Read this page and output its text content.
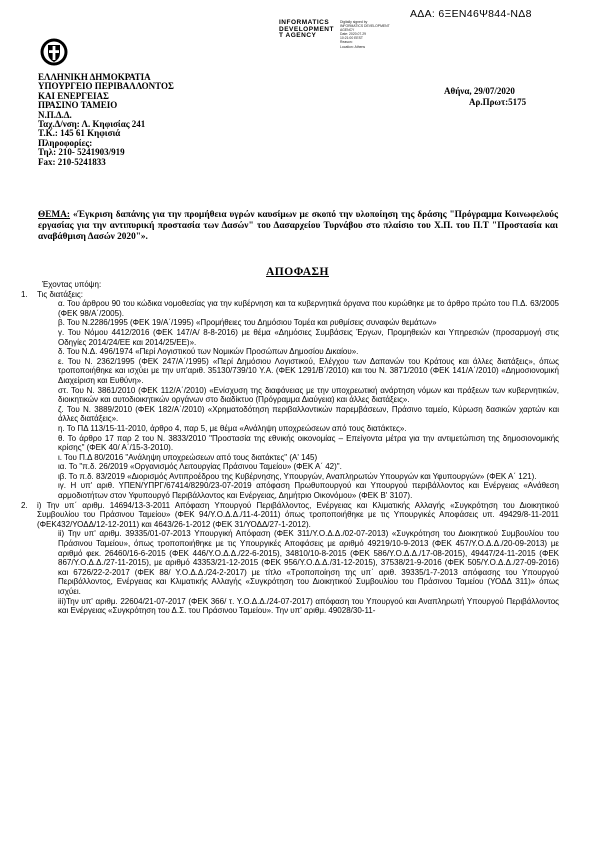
ΑΔΑ: 6ΞΕΝ46Ψ844-ΝΔ8
INFORMATICS
DEVELOPMENT
T AGENCY
Digitally signed by
INFORMATICS DEVELOPMENT
AGENCY
Date: 2020.07.29
10:21:00 EEST
Reason:
Location: Athens
ΕΛΛΗΝΙΚΗ ΔΗΜΟΚΡΑΤΙΑ
ΥΠΟΥΡΓΕΙΟ ΠΕΡΙΒΑΛΛΟΝΤΟΣ
ΚΑΙ ΕΝΕΡΓΕΙΑΣ
ΠΡΑΣΙΝΟ ΤΑΜΕΙΟ
Ν.Π.Δ.Δ.
Ταχ.Δ/νση: Λ. Κηφισίας 241
Τ.Κ.: 145 61 Κηφισιά
Πληροφορίες:
Τηλ: 210- 5241903/919
Fax: 210-5241833
Αθήνα, 29/07/2020
Αρ.Πρωτ:5175
ΘΕΜΑ: «Έγκριση δαπάνης για την προμήθεια υγρών καυσίμων με σκοπό την υλοποίηση της δράσης "Πρόγραμμα Κοινωφελούς εργασίας για την αντιπυρική προστασία των Δασών" του Δασαρχείου Τυρνάβου στο πλαίσιο του Χ.Π. του Π.Τ "Προστασία και αναβάθμιση Δασών 2020"».
ΑΠΟΦΑΣΗ

Έχοντας υπόψη:

1.	Τις διατάξεις:

α. Του άρθρου 90 του κώδικα νομοθεσίας για την κυβέρνηση και τα κυβερνητικά όργανα που κυρώθηκε με το άρθρο πρώτο του Π.Δ. 63/2005 (ΦΕΚ 98/Α΄/2005).

β. Του Ν.2286/1995 (ΦΕΚ 19/Α΄/1995) «Προμήθειες του Δημόσιου Τομέα και ρυθμίσεις συναφών θεμάτων»

γ. Του Νόμου 4412/2016 (ΦΕΚ 147/Α/ 8-8-2016) με θέμα «Δημόσιες Συμβάσεις Έργων, Προμηθειών και Υπηρεσιών (προσαρμογή στις Οδηγίες 2014/24/ΕΕ και 2014/25/ΕΕ)».

δ. Του Ν.Δ. 496/1974 «Περί Λογιστικού των Νομικών Προσώπων Δημοσίου Δικαίου».

ε. Του Ν. 2362/1995 (ΦΕΚ 247/Α΄/1995) «Περί Δημόσιου Λογιστικού, Ελέγχου των Δαπανών του Κράτους και άλλες διατάξεις», όπως τροποποιήθηκε και ισχύει με την υπ'αριθ. 35130/739/10 Υ.Α. (ΦΕΚ 1291/Β΄/2010) και του Ν. 3871/2010 (ΦΕΚ 141/Α΄/2010) «Δημοσιονομική Διαχείριση και Ευθύνη».

στ. Του Ν. 3861/2010 (ΦΕΚ 112/Α΄/2010) «Ενίσχυση της διαφάνειας με την υποχρεωτική ανάρτηση νόμων και πράξεων των κυβερνητικών, διοικητικών και αυτοδιοικητικών οργάνων στο διαδίκτυο (Πρόγραμμα Διαύγεια) και άλλες διατάξεις».

ζ. Του Ν. 3889/2010 (ΦΕΚ 182/Α΄/2010) «Χρηματοδότηση περιβαλλοντικών παρεμβάσεων, Πράσινο ταμείο, Κύρωση δασικών χαρτών και άλλες διατάξεις».

η. Το ΠΔ 113/15-11-2010, άρθρο 4, παρ 5, με θέμα «Ανάληψη υποχρεώσεων από τους διατάκτες».

θ. Το άρθρο 17 παρ 2 του Ν. 3833/2010 "Προστασία της εθνικής οικονομίας – Επείγοντα μέτρα για την αντιμετώπιση της δημοσιονομικής κρίσης" (ΦΕΚ 40/ Α΄/15-3-2010).

ι. Του Π.Δ 80/2016 "Ανάληψη υποχρεώσεων από τους διατάκτες" (Α' 145)

ια. Το "π.δ. 26/2019 «Οργανισμός Λειτουργίας Πράσινου Ταμείου» (ΦΕΚ Α΄ 42)".

ιβ. Το π.δ. 83/2019 «Διορισμός Αντιπροέδρου της Κυβέρνησης, Υπουργών, Αναπληρωτών Υπουργών και Υφυπουργών» (ΦΕΚ Α΄ 121).

ιγ. Η υπ' αριθ. ΥΠΕΝ/ΥΠΡΓ/67414/8290/23-07-2019 απόφαση Πρωθυπουργού και Υπουργού περιβάλλοντος και Ενέργειας «Ανάθεση αρμοδιοτήτων στον Υφυπουργό Περιβάλλοντος και Ενέργειας, Δημήτριο Οικονόμου» (ΦΕΚ Β' 3107).

2.	i) Την υπ΄ αριθμ. 14694/13-3-2011 Απόφαση Υπουργού Περιβάλλοντος, Ενέργειας και Κλιματικής Αλλαγής «Συγκρότηση του Διοικητικού Συμβουλίου του Πράσινου Ταμείου» (ΦΕΚ 94/Υ.Ο.Δ.Δ./11-4-2011) όπως τροποποιήθηκε με τις Υπουργικές Αποφάσεις υπ. 49429/8-11-2011 (ΦΕΚ432/ΥΟΔΔ/12-12-2011) και 4643/26-1-2012 (ΦΕΚ 31/ΥΟΔΔ/27-1-2012).

ii) Την υπ' αριθμ. 39335/01-07-2013 Υπουργική Απόφαση (ΦΕΚ 311/Υ.Ο.Δ.Δ./02-07-2013) «Συγκρότηση του Διοικητικού Συμβουλίου του Πράσινου Ταμείου», όπως τροποποιήθηκε με τις Υπουργικές Αποφάσεις με αριθμό 49219/10-9-2013 (ΦΕΚ 457/Υ.Ο.Δ.Δ./20-09-2013) με αριθμό φεκ. 26460/16-6-2015 (ΦΕΚ 446/Υ.Ο.Δ.Δ./22-6-2015), 34810/10-8-2015 (ΦΕΚ 586/Υ.Ο.Δ.Δ./17-08-2015), 49447/24-11-2015 (ΦΕΚ 867/Υ.Ο.Δ.Δ./27-11-2015), με αριθμό 43353/21-12-2015 (ΦΕΚ 956/Υ.Ο.Δ.Δ./31-12-2015), 37538/21-9-2016 (ΦΕΚ 505/Υ.Ο.Δ.Δ./27-09-2016) και 6726/22-2-2017 (ΦΕΚ 88/ Υ.Ο.Δ.Δ./24-2-2017) με τίτλο «Τροποποίηση της υπ΄ αριθ. 39335/1-7-2013 απόφασης του Υπουργού Περιβάλλοντος, Ενέργειας και Κλιματικής Αλλαγής «Συγκρότηση του Διοικητικού Συμβουλίου του Πράσινου Ταμείου (ΥΟΔΔ 311)» όπως ισχύει.

iii)Την υπ' αριθμ. 22604/21-07-2017 (ΦΕΚ 366/ τ. Υ.Ο.Δ.Δ./24-07-2017) απόφαση του Υπουργού και Αναπληρωτή Υπουργού Περιβάλλοντος και Ενέργειας «Συγκρότηση του Δ.Σ. του Πράσινου Ταμείου». Την υπ' αριθμ. 49028/30-11-
